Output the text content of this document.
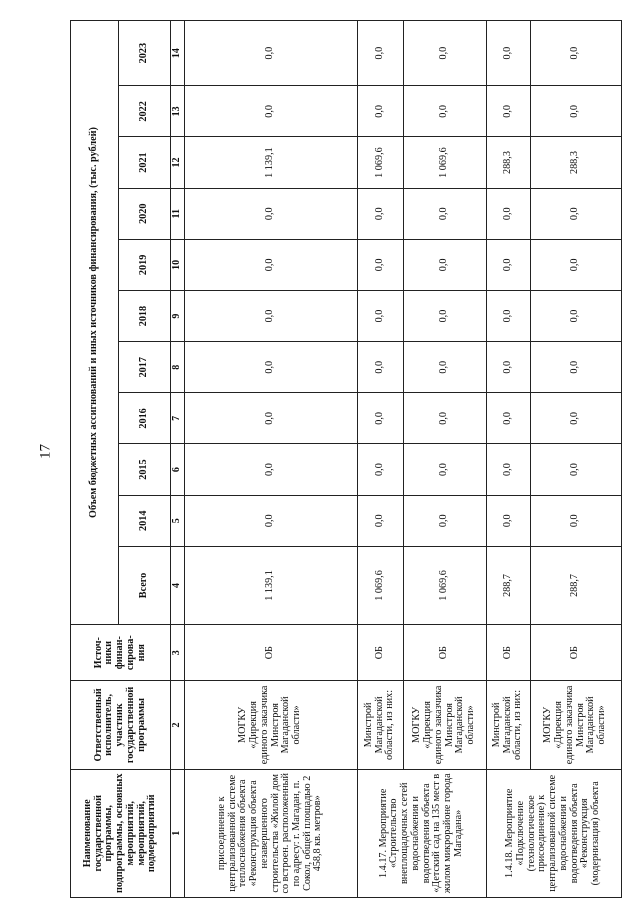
17
Наименование государственной программы, подпрограммы, основных мероприятий, мероприятий, подмероприятий	Ответственный исполнитель, участник государственной программы	Источ-ники финан-сирова-ния	Объем бюджетных ассигнований и иных источников финансирования, (тыс. рублей)										
			Всего	2014	2015	2016	2017	2018	2019	2020	2021	2022	2023
1	2	3	4	5	6	7	8	9	10	11	12	13	14
присоединение к централизованной системе теплоснабжения объекта «Реконструкция объекта незавершенного строительства «Жилой дом со встроен. расположенный по адресу: г. Магадан, п. Сокол, общей площадью 2 458,8 кв. метров»	МОГКУ «Дирекция единого заказчика Минстроя Магаданской области»	ОБ	1 139,1	0,0	0,0	0,0	0,0	0,0	0,0	0,0	1 139,1	0,0	0,0
1.4.17. Мероприятие «Строительство внеплощадочных сетей водоснабжения и водоотведения объекта «Детский сад на 135 мест в жилом микрорайоне города Магадана»	Минстрой Магаданской области, из них:	ОБ	1 069,6	0,0	0,0	0,0	0,0	0,0	0,0	0,0	1 069,6	0,0	0,0
	МОГКУ «Дирекция единого заказчика Минстроя Магаданской области»	ОБ	1 069,6	0,0	0,0	0,0	0,0	0,0	0,0	0,0	1 069,6	0,0	0,0
1.4.18. Мероприятие «Подключение (технологическое присоединение) к централизованной системе водоснабжения и водоотведения объекта «Реконструкция (модернизация) объекта	Минстрой Магаданской области, из них:	ОБ	288,7	0,0	0,0	0,0	0,0	0,0	0,0	0,0	288,3	0,0	0,0
	МОГКУ «Дирекция единого заказчика Минстроя Магаданской области»	ОБ	288,7	0,0	0,0	0,0	0,0	0,0	0,0	0,0	288,3	0,0	0,0
